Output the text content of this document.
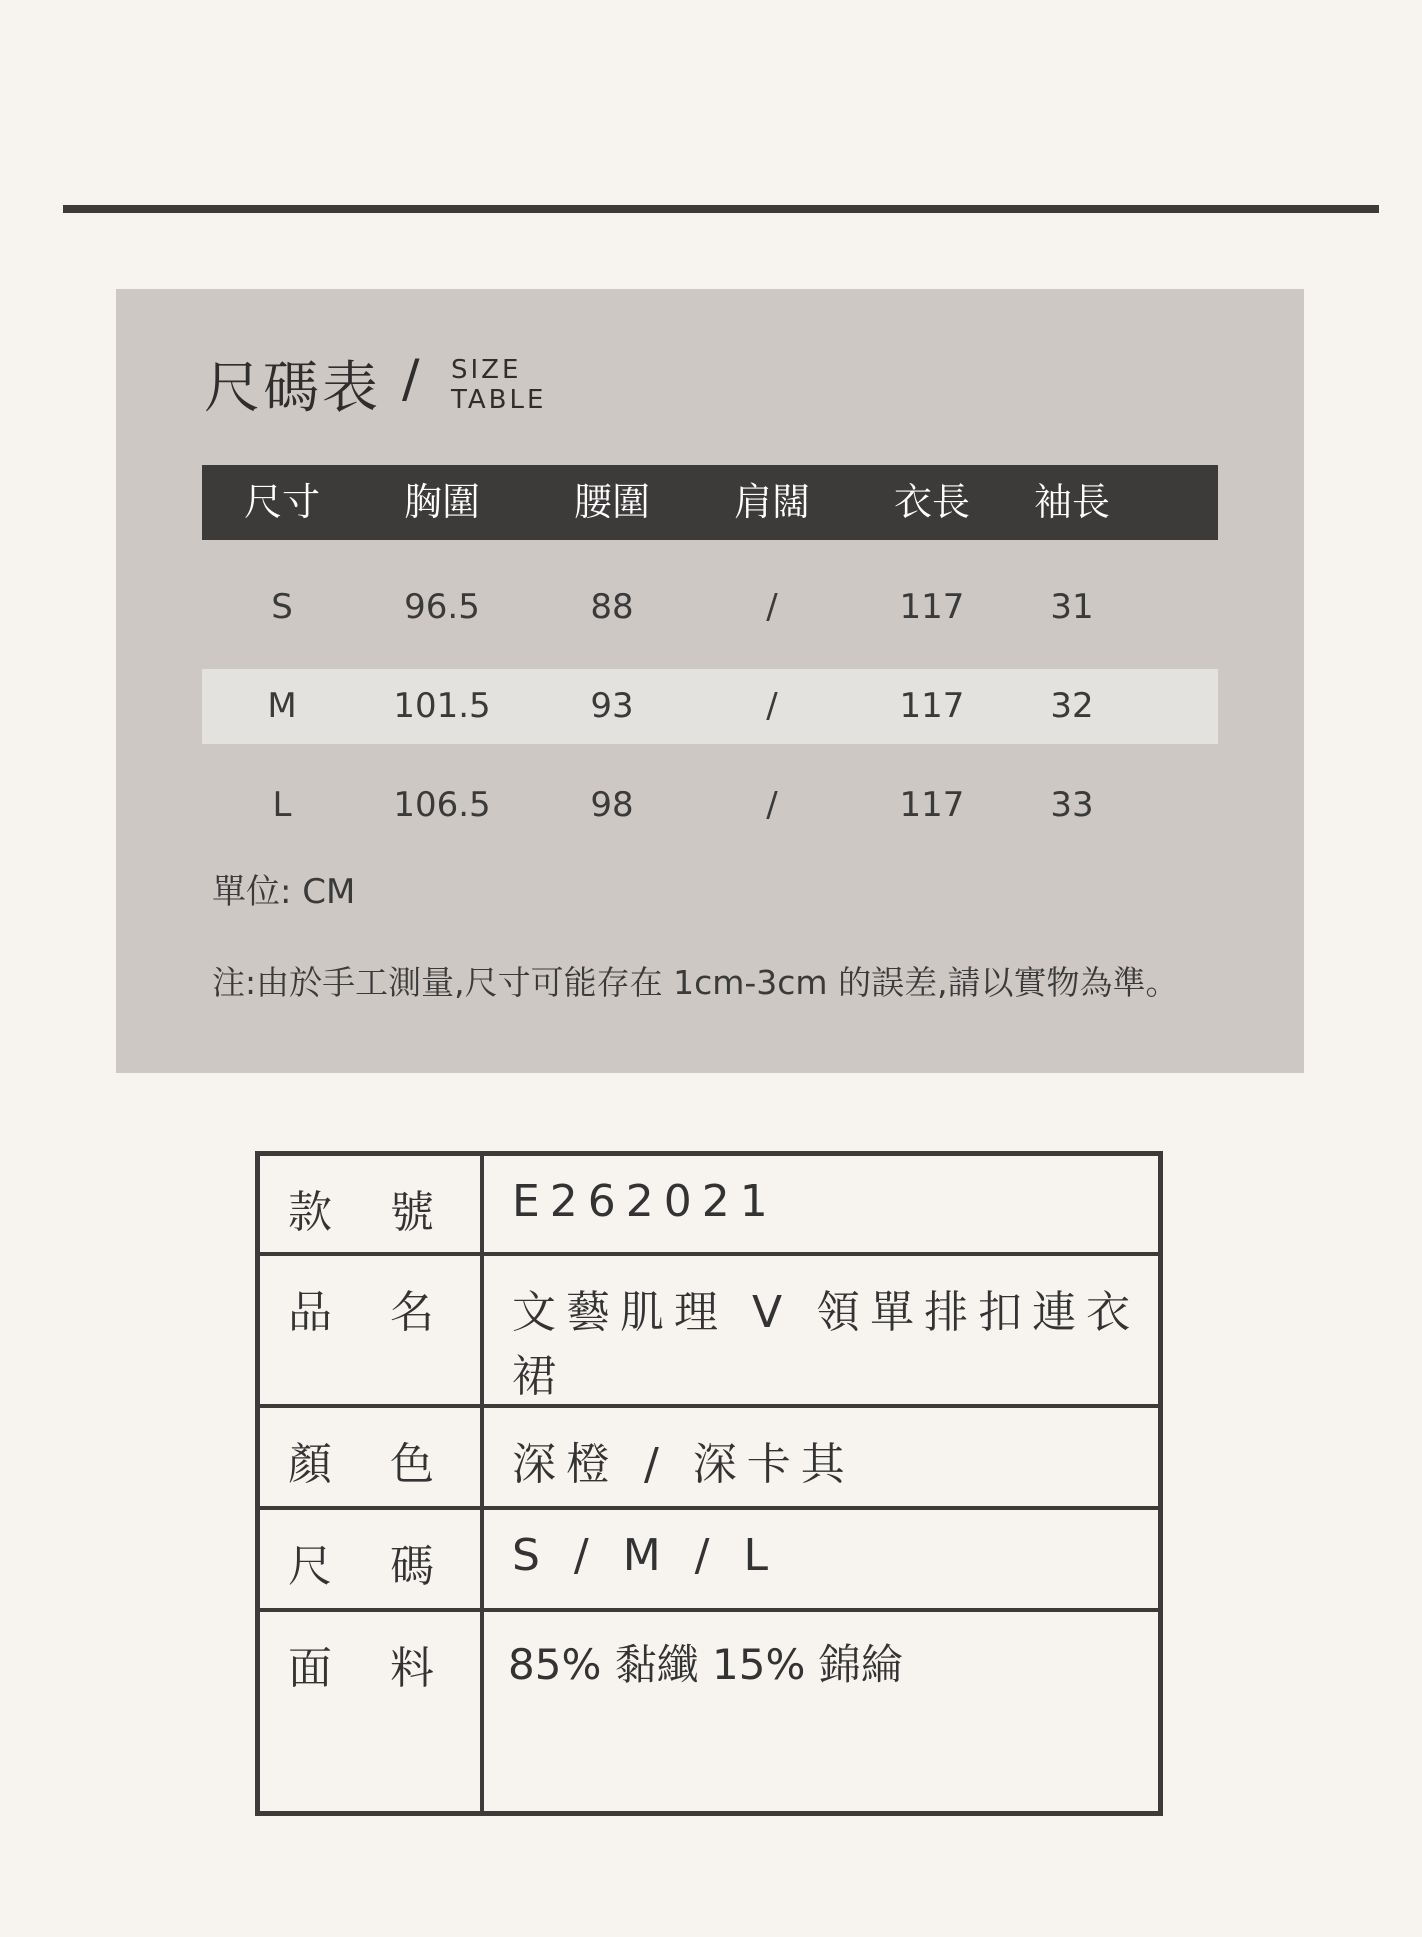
尺碼表 / SIZE
TABLE
尺寸	胸圍	腰圍	肩闊	衣長	袖長
S	96.5	88	/	117	31
M	101.5	93	/	117	32
L	106.5	98	/	117	33
單位: CM
注:由於手工測量,尺寸可能存在 1cm-3cm 的誤差,請以實物為準。
款 號	E262021

品 名	文藝肌理 V 領單排扣連衣裙

顏 色	深橙 / 深卡其

尺 碼	S / M / L

面 料	85% 黏纖 15% 錦綸
